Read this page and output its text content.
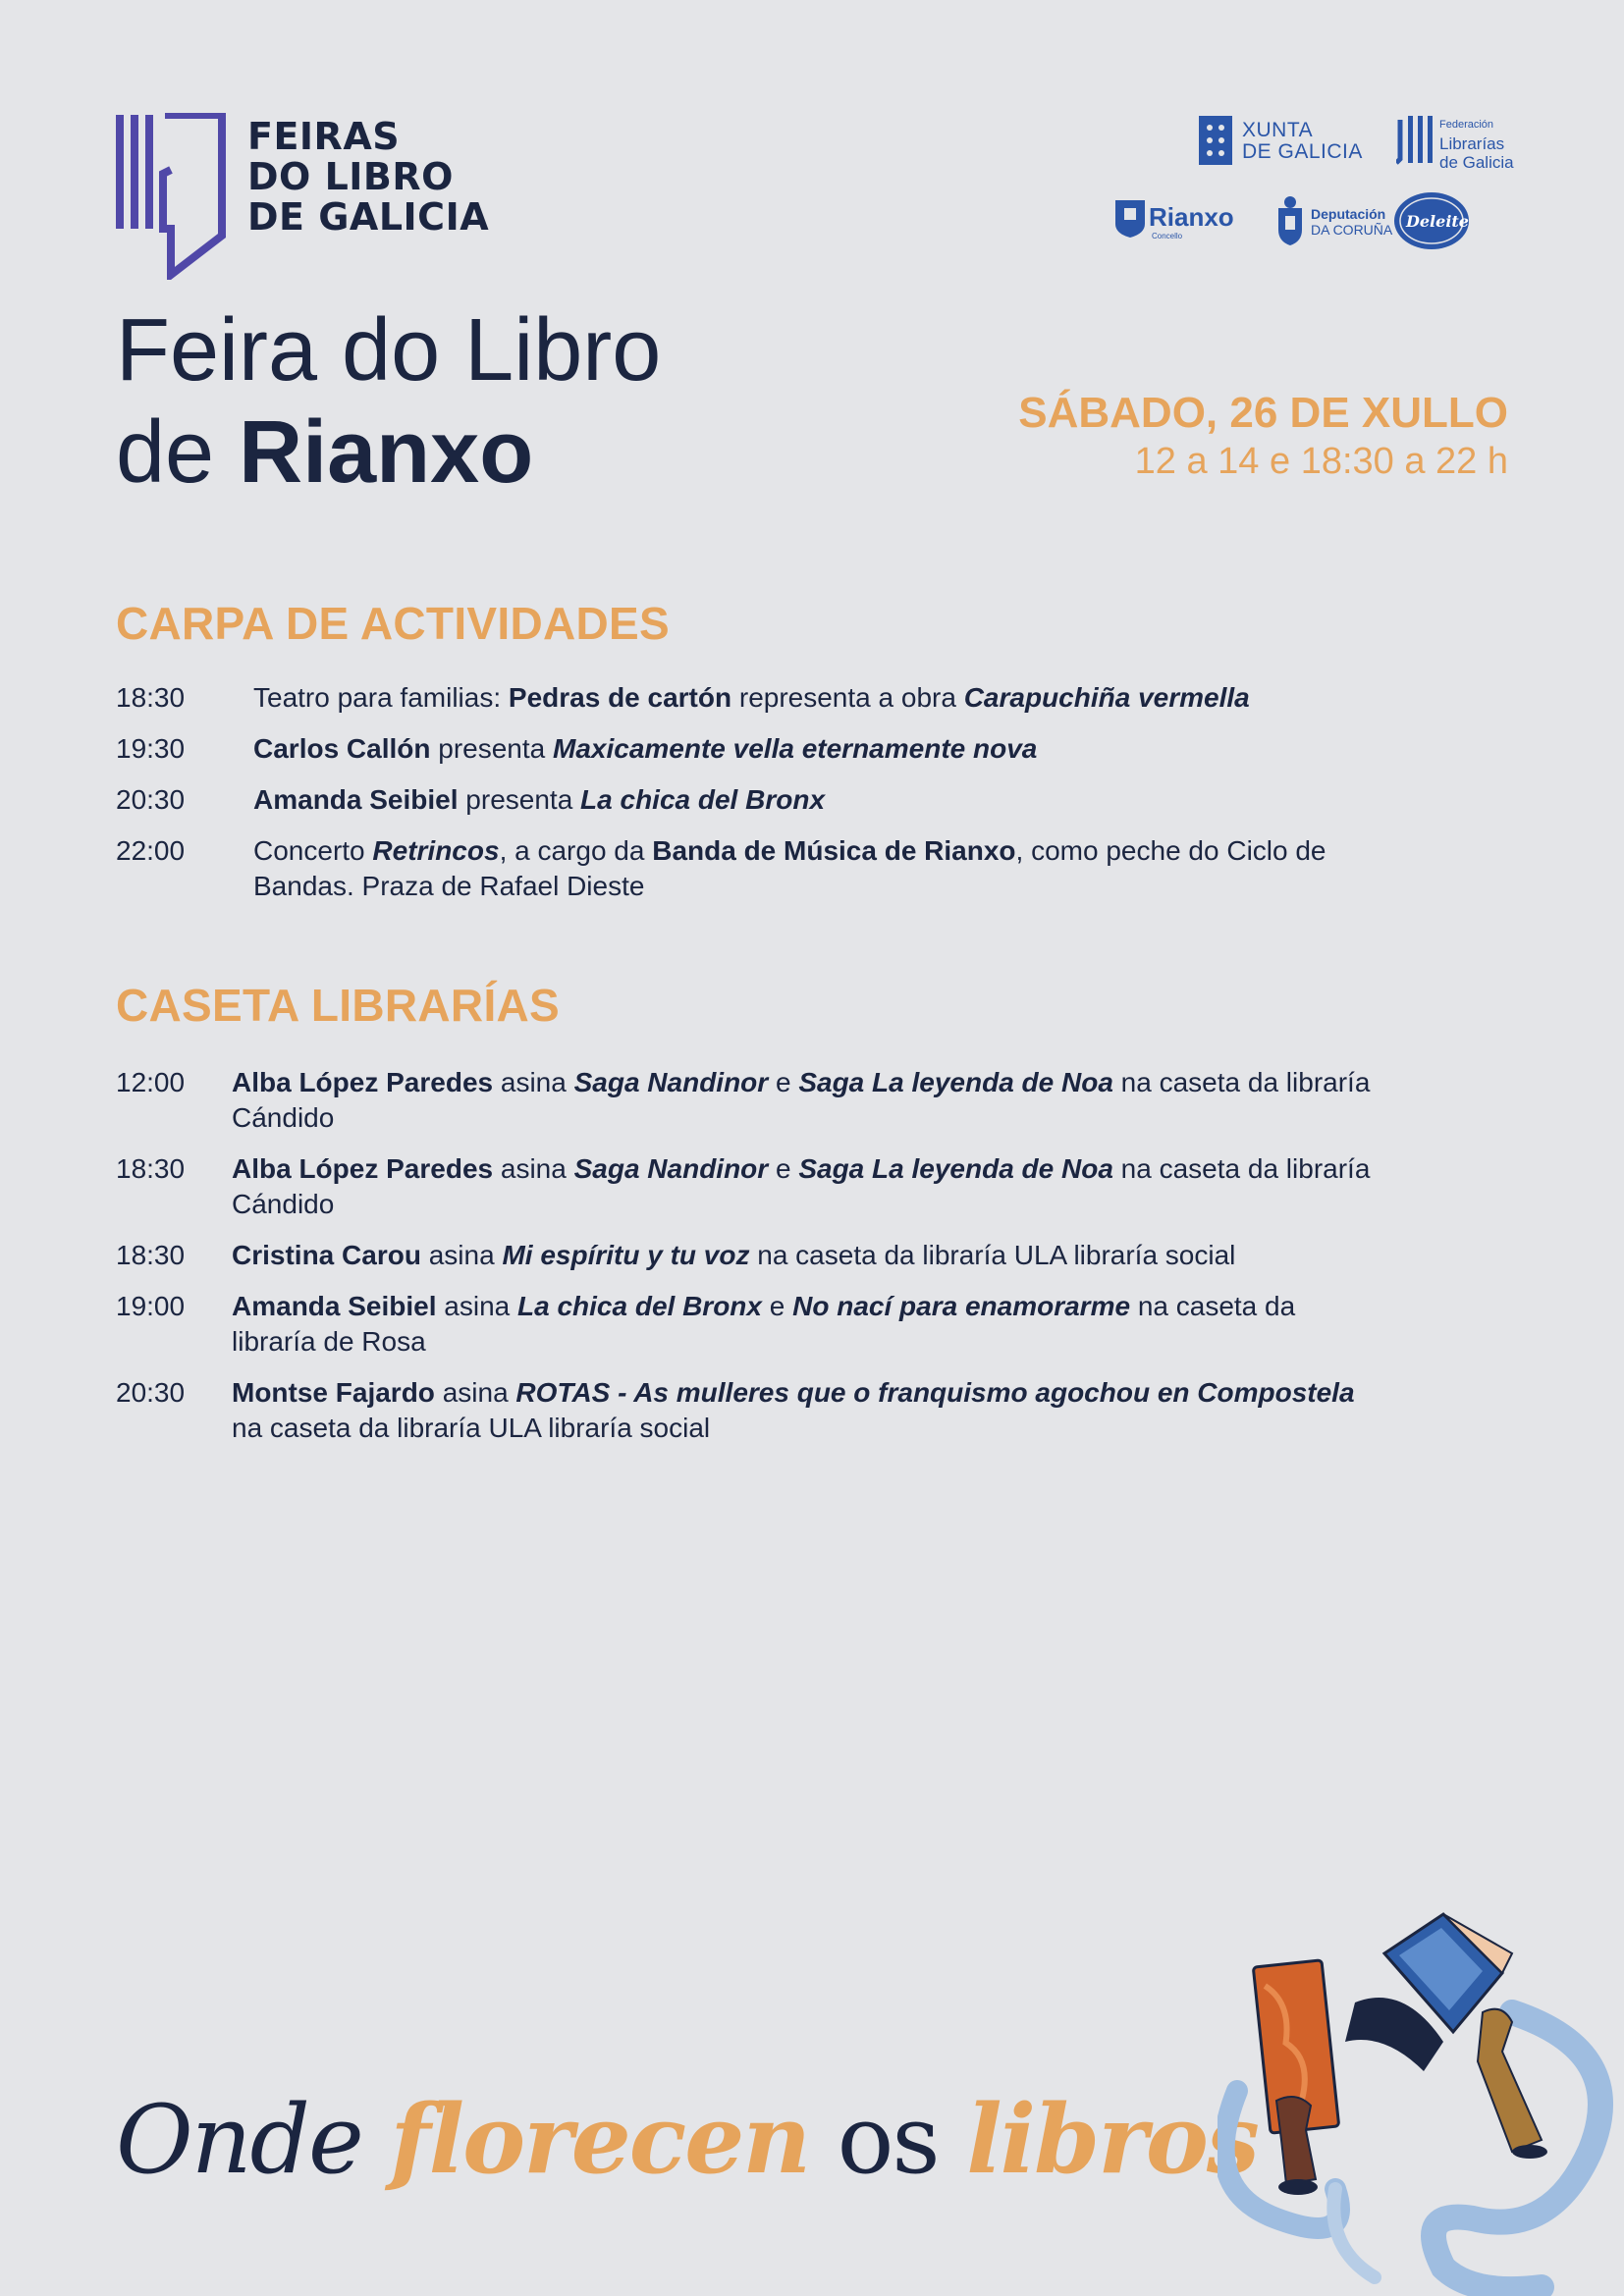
FEIRAS
DO LIBRO
DE GALICIA
XUNTA
DE GALICIA
Federación
Librarías
de Galicia
Rianxo
Concello
Deputación
DA CORUÑA Deleite
Feira do Libro
de Rianxo	SÁBADO, 26 DE XULLO
12 a 14 e 18:30 a 22 h
CARPA DE ACTIVIDADES
18:30	Teatro para familias: Pedras de cartón representa a obra Carapuchiña vermella
19:30	Carlos Callón presenta Maxicamente vella eternamente nova
20:30	Amanda Seibiel presenta La chica del Bronx
22:00	Concerto Retrincos, a cargo da Banda de Música de Rianxo, como peche do Ciclo de Bandas. Praza de Rafael Dieste
CASETA LIBRARÍAS
12:00	Alba López Paredes asina Saga Nandinor e Saga La leyenda de Noa na caseta da libraría Cándido
18:30	Alba López Paredes asina Saga Nandinor e Saga La leyenda de Noa na caseta da libraría Cándido
18:30	Cristina Carou asina Mi espíritu y tu voz na caseta da libraría ULA libraría social
19:00	Amanda Seibiel asina La chica del Bronx e No nací para enamorarme na caseta da libraría de Rosa
20:30	Montse Fajardo asina ROTAS - As mulleres que o franquismo agochou en Compostela na caseta da libraría ULA libraría social
Onde florecen os libros
